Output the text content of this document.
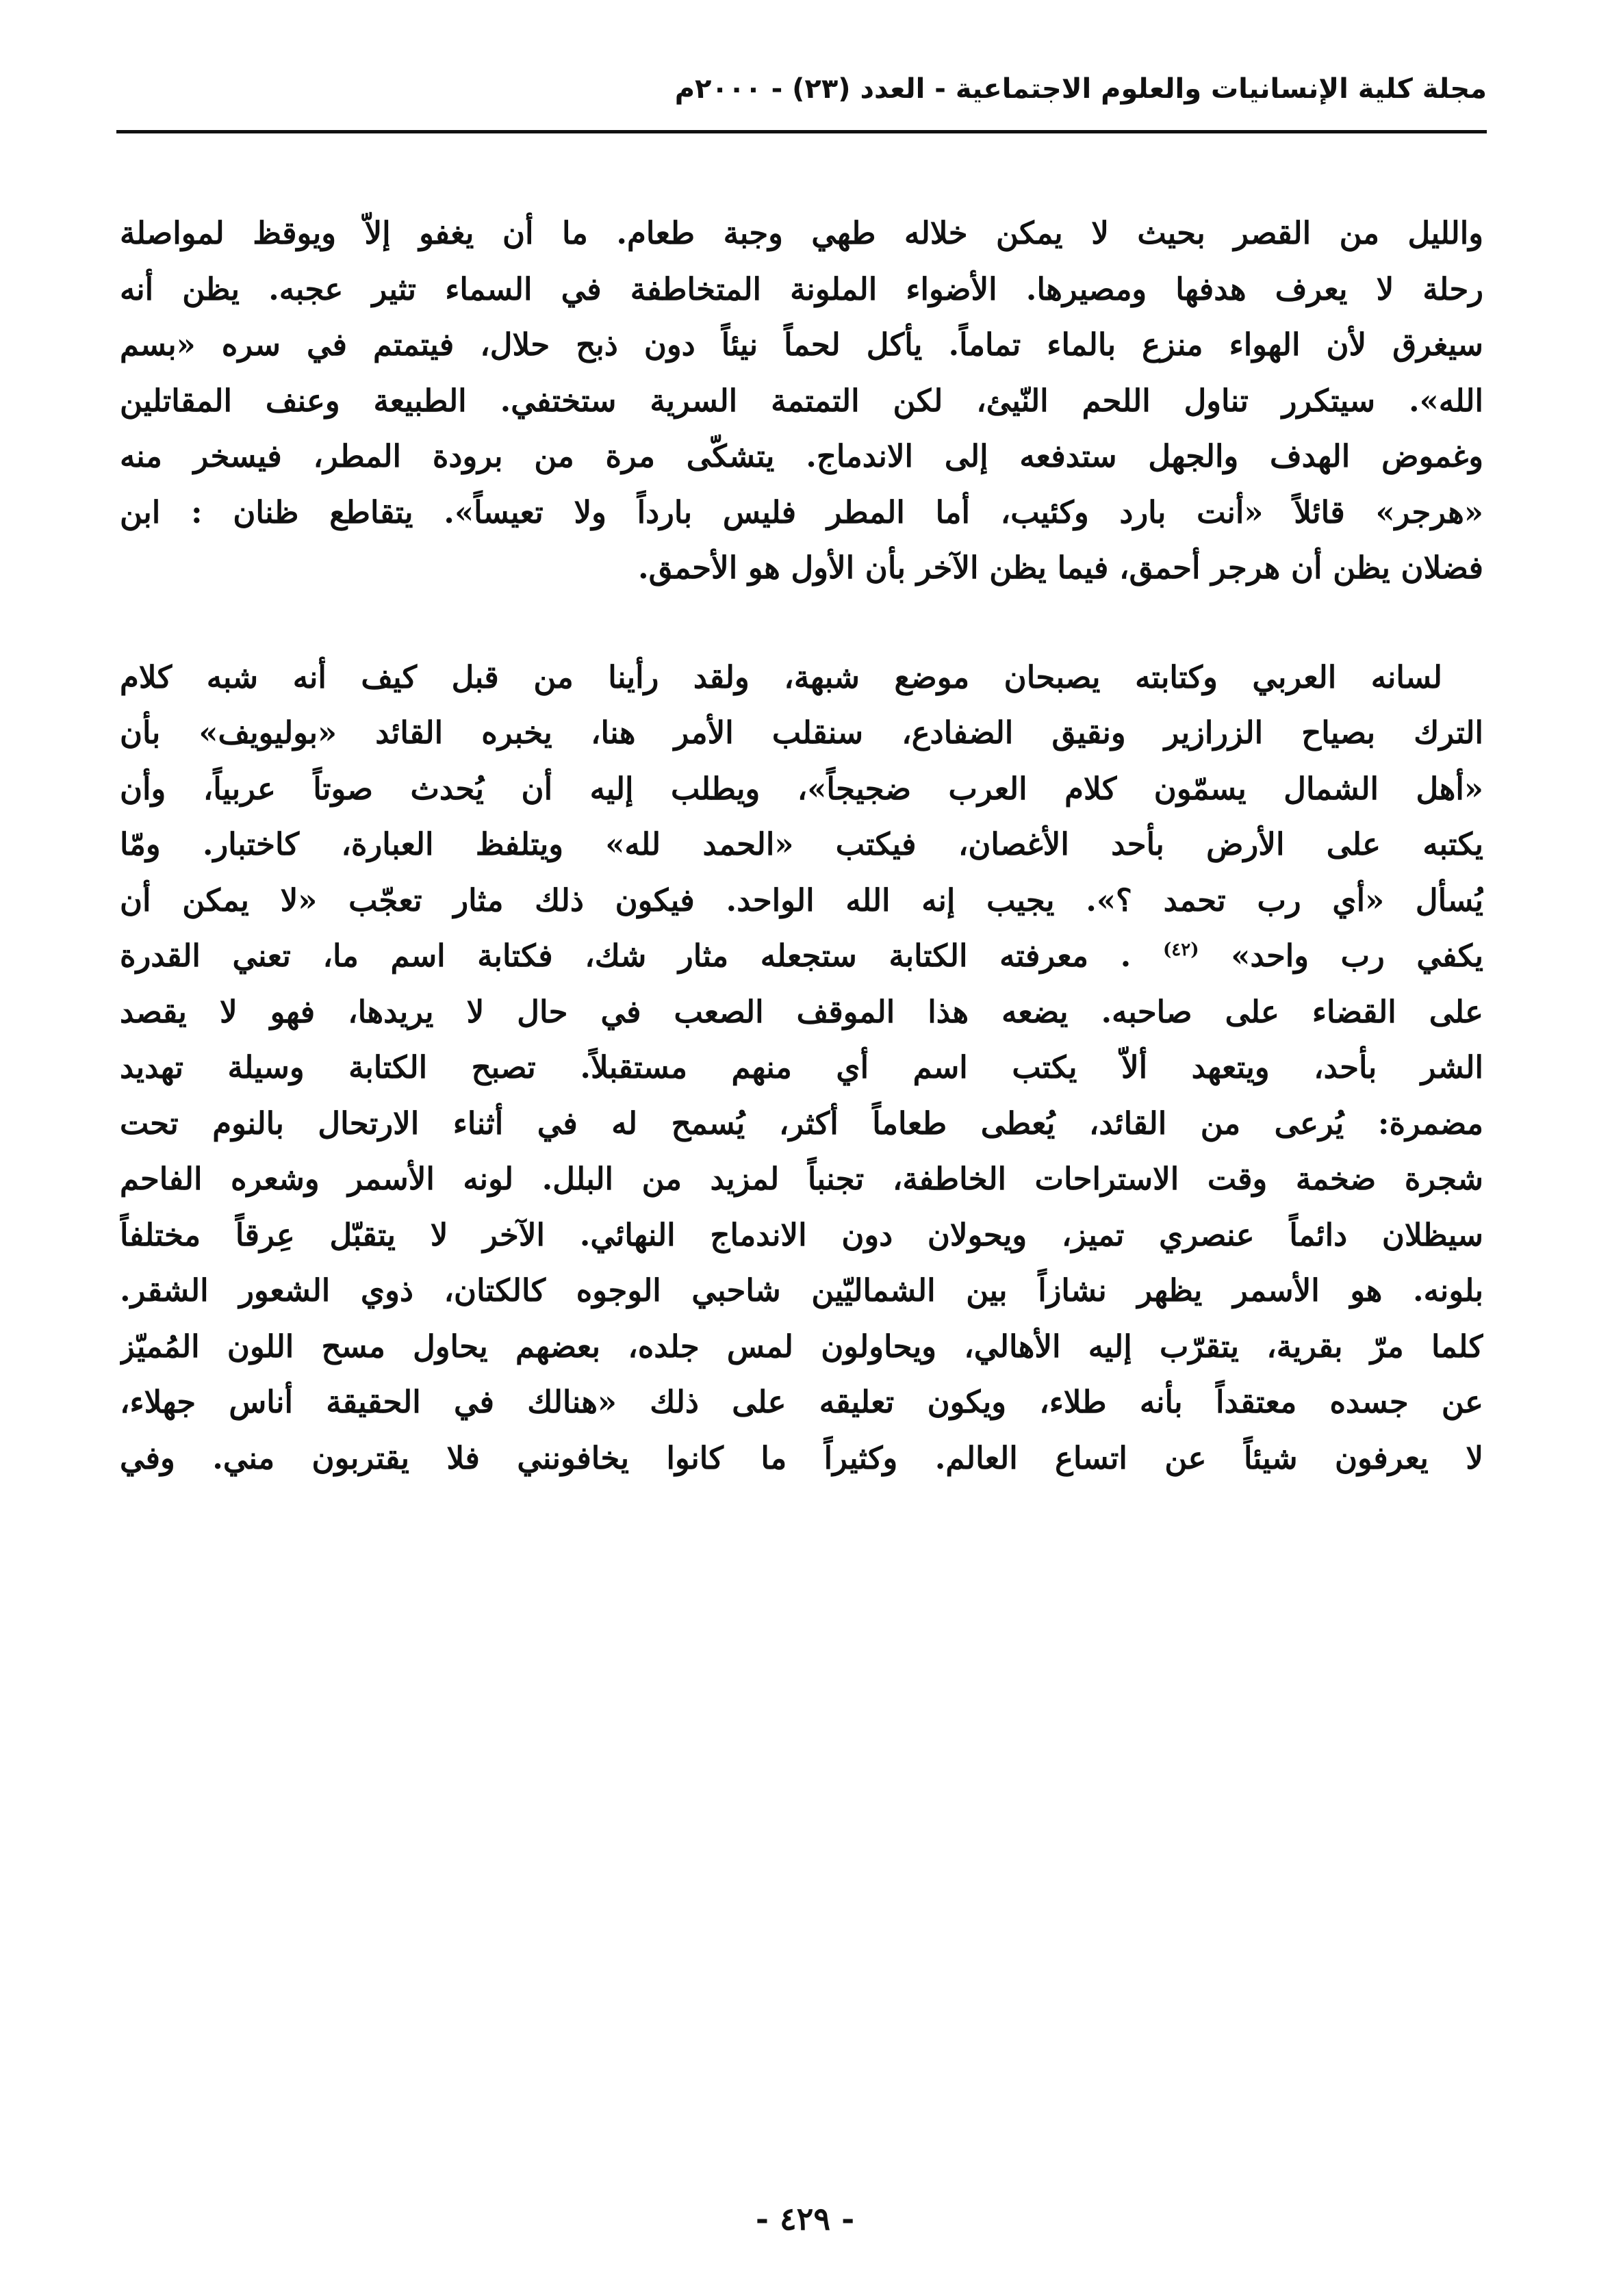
مجلة كلية الإنسانيات والعلوم الاجتماعية - العدد (٢٣) - ٢٠٠٠م
والليل من القصر بحيث لا يمكن خلاله طهي وجبة طعام. ما أن يغفو إلاّ ويوقظ لمواصلة
رحلة لا يعرف هدفها ومصيرها. الأضواء الملونة المتخاطفة في السماء تثير عجبه. يظن أنه
سيغرق لأن الهواء منزع بالماء تماماً. يأكل لحماً نيئاً دون ذبح حلال، فيتمتم في سره «بسم
الله». سيتكرر تناول اللحم النّيئ، لكن التمتمة السرية ستختفي. الطبيعة وعنف المقاتلين
وغموض الهدف والجهل ستدفعه إلى الاندماج. يتشكّى مرة من برودة المطر، فيسخر منه
«هرجر» قائلاً «أنت بارد وكئيب، أما المطر فليس بارداً ولا تعيساً». يتقاطع ظنان : ابن
فضلان يظن أن هرجر أحمق، فيما يظن الآخر بأن الأول هو الأحمق.
لسانه العربي وكتابته يصبحان موضع شبهة، ولقد رأينا من قبل كيف أنه شبه كلام
الترك بصياح الزرازير ونقيق الضفادع، سنقلب الأمر هنا، يخبره القائد «بوليويف» بأن
«أهل الشمال يسمّون كلام العرب ضجيجاً»، ويطلب إليه أن يُحدث صوتاً عربياً، وأن
يكتبه على الأرض بأحد الأغصان، فيكتب «الحمد لله» ويتلفظ العبارة، كاختبار. ومّا
يُسأل «أي رب تحمد ؟». يجيب إنه الله الواحد. فيكون ذلك مثار تعجّب «لا يمكن أن
يكفي رب واحد» $^{(٤٢)}$ . معرفته الكتابة ستجعله مثار شك، فكتابة اسم ما، تعني القدرة
على القضاء على صاحبه. يضعه هذا الموقف الصعب في حال لا يريدها، فهو لا يقصد
الشر بأحد، ويتعهد ألاّ يكتب اسم أي منهم مستقبلاً. تصبح الكتابة وسيلة تهديد
مضمرة: يُرعى من القائد، يُعطى طعاماً أكثر، يُسمح له في أثناء الارتحال بالنوم تحت
شجرة ضخمة وقت الاستراحات الخاطفة، تجنباً لمزيد من البلل. لونه الأسمر وشعره الفاحم
سيظلان دائماً عنصري تميز، ويحولان دون الاندماج النهائي. الآخر لا يتقبّل عِرقاً مختلفاً
بلونه. هو الأسمر يظهر نشازاً بين الشماليّين شاحبي الوجوه كالكتان، ذوي الشعور الشقر.
كلما مرّ بقرية، يتقرّب إليه الأهالي، ويحاولون لمس جلده، بعضهم يحاول مسح اللون المُميّز
عن جسده معتقداً بأنه طلاء، ويكون تعليقه على ذلك «هنالك في الحقيقة أناس جهلاء،
لا يعرفون شيئاً عن اتساع العالم. وكثيراً ما كانوا يخافونني فلا يقتربون مني. وفي
- ٤٢٩ -
